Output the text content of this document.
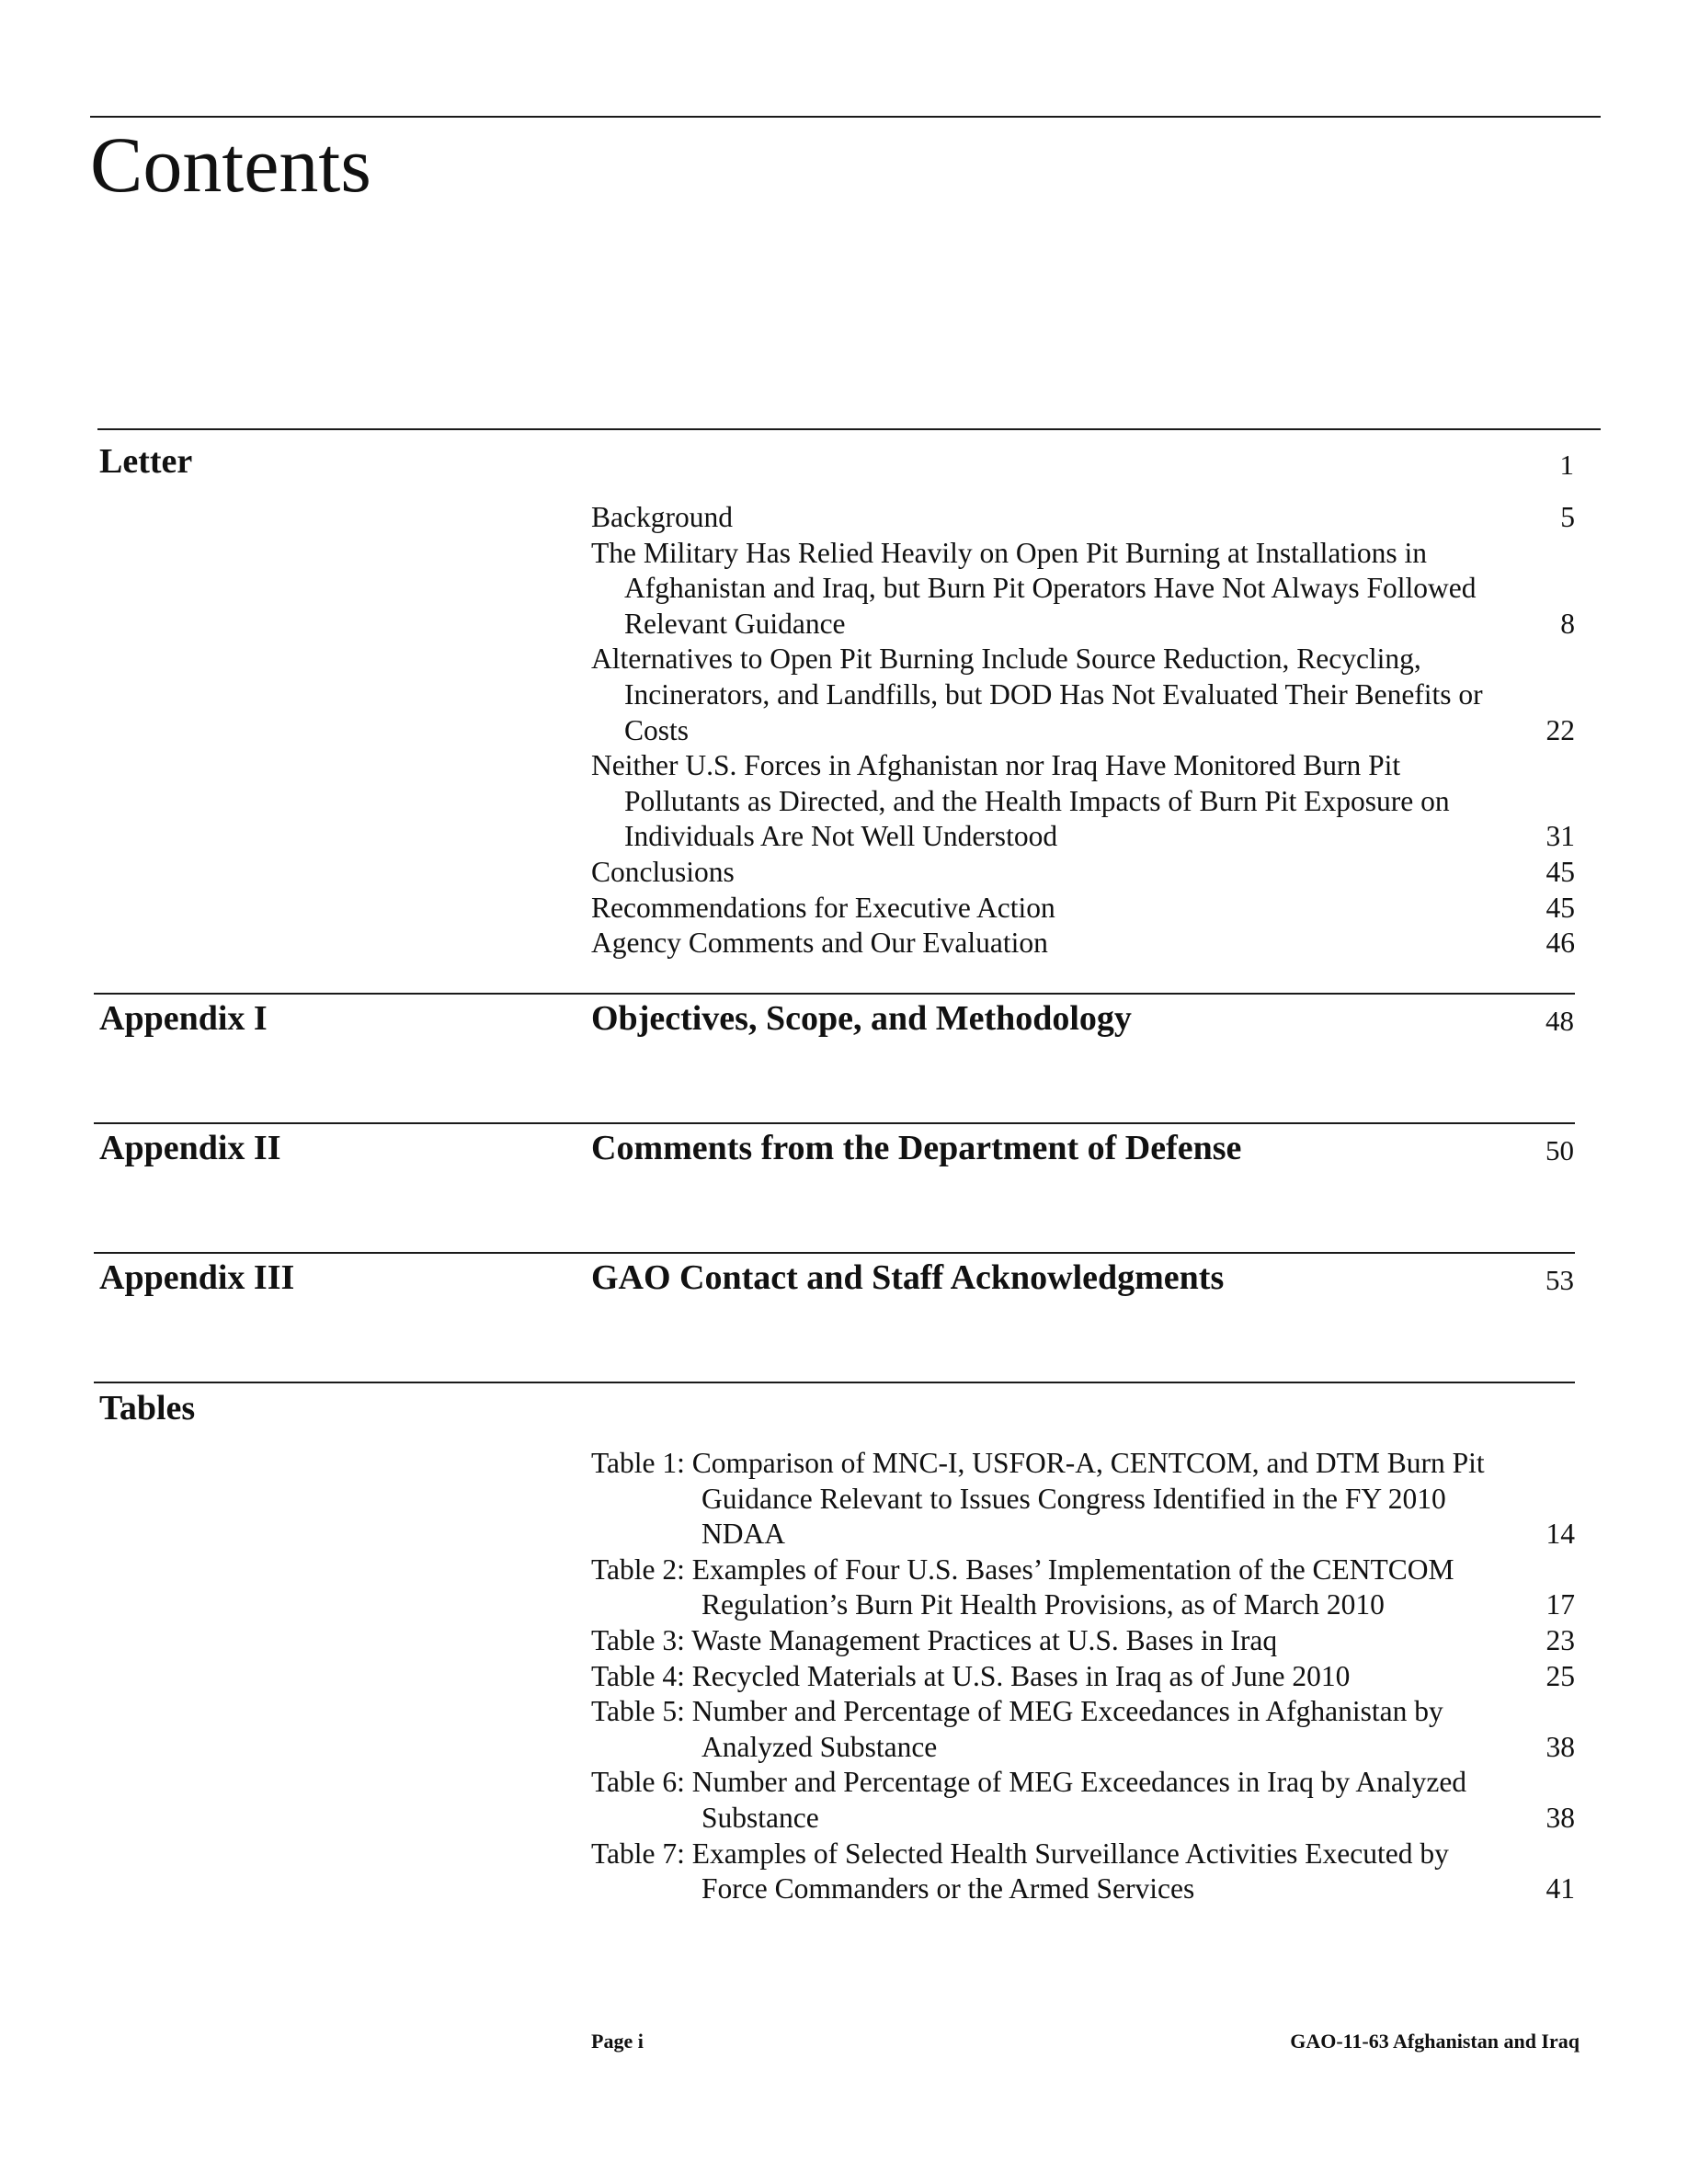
Contents
Letter	1
Background	5
The Military Has Relied Heavily on Open Pit Burning at Installations in Afghanistan and Iraq, but Burn Pit Operators Have Not Always Followed Relevant Guidance	8
Alternatives to Open Pit Burning Include Source Reduction, Recycling, Incinerators, and Landfills, but DOD Has Not Evaluated Their Benefits or Costs	22
Neither U.S. Forces in Afghanistan nor Iraq Have Monitored Burn Pit Pollutants as Directed, and the Health Impacts of Burn Pit Exposure on Individuals Are Not Well Understood	31
Conclusions	45
Recommendations for Executive Action	45
Agency Comments and Our Evaluation	46
Appendix I	Objectives, Scope, and Methodology	48
Appendix II	Comments from the Department of Defense	50
Appendix III	GAO Contact and Staff Acknowledgments	53
Tables
Table 1: Comparison of MNC-I, USFOR-A, CENTCOM, and DTM Burn Pit Guidance Relevant to Issues Congress Identified in the FY 2010 NDAA	14
Table 2: Examples of Four U.S. Bases’ Implementation of the CENTCOM Regulation’s Burn Pit Health Provisions, as of March 2010	17
Table 3: Waste Management Practices at U.S. Bases in Iraq	23
Table 4: Recycled Materials at U.S. Bases in Iraq as of June 2010	25
Table 5: Number and Percentage of MEG Exceedances in Afghanistan by Analyzed Substance	38
Table 6: Number and Percentage of MEG Exceedances in Iraq by Analyzed Substance	38
Table 7: Examples of Selected Health Surveillance Activities Executed by Force Commanders or the Armed Services	41
Page i	GAO-11-63 Afghanistan and Iraq
